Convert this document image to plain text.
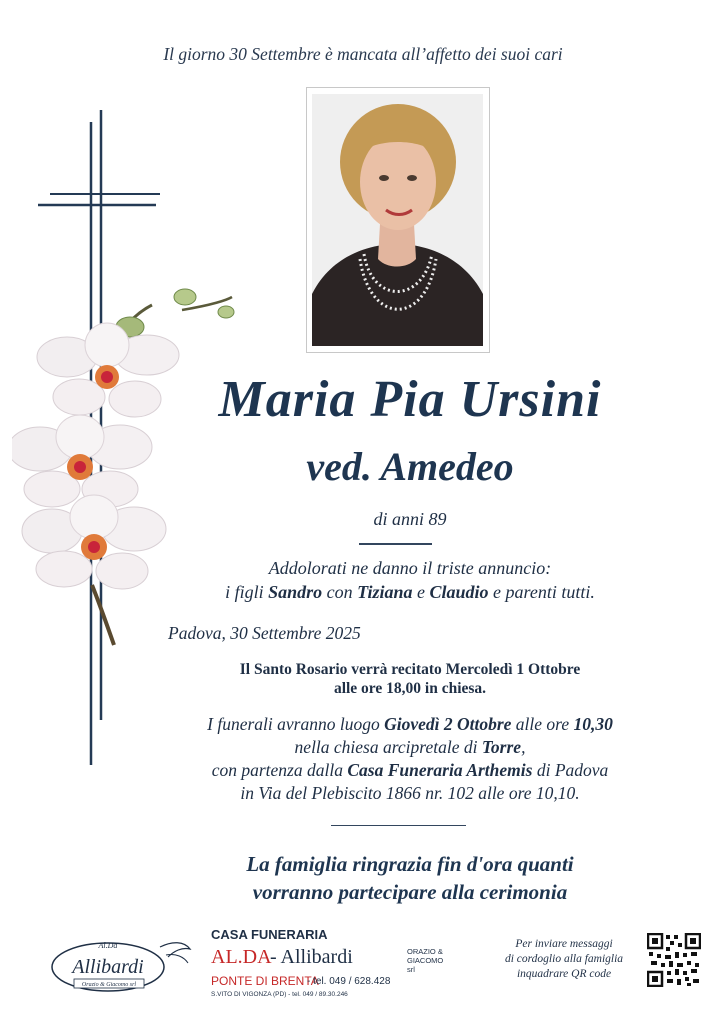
Il giorno 30 Settembre è mancata all’affetto dei suoi cari
Maria Pia Ursini
ved. Amedeo
di anni 89
Addolorati ne danno il triste annuncio:
i figli Sandro con Tiziana e Claudio e parenti tutti.
Padova, 30 Settembre 2025
Il Santo Rosario verrà recitato Mercoledì 1 Ottobre
alle ore 18,00 in chiesa.
I funerali avranno luogo Giovedì 2 Ottobre alle ore 10,30
nella chiesa arcipretale di Torre,
con partenza dalla Casa Funeraria Arthemis di Padova
in Via del Plebiscito 1866 nr. 102 alle ore 10,10.
La famiglia ringrazia fin d'ora quanti
vorranno partecipare alla cerimonia
Al.Da
Allibardi
Orazio & Giacomo srl
CASA FUNERARIA
AL.DA
- Allibardi	ORAZIO & GIACOMO srl
PONTE DI BRENTA
- tel. 049 / 628.428
S.VITO DI VIGONZA (PD) - tel. 049 / 89.30.246
Per inviare messaggi
di cordoglio alla famiglia
inquadrare QR code
